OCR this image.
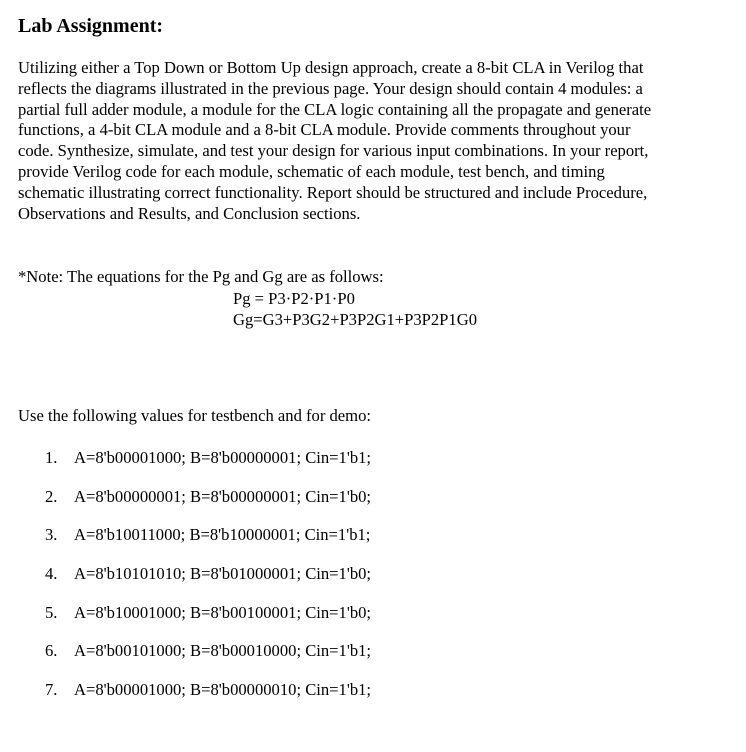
Lab Assignment:

Utilizing either a Top Down or Bottom Up design approach, create a 8-bit CLA in Verilog that
reflects the diagrams illustrated in the previous page. Your design should contain 4 modules: a
partial full adder module, a module for the CLA logic containing all the propagate and generate
functions, a 4-bit CLA module and a 8-bit CLA module. Provide comments throughout your
code. Synthesize, simulate, and test your design for various input combinations. In your report,
provide Verilog code for each module, schematic of each module, test bench, and timing
schematic illustrating correct functionality. Report should be structured and include Procedure,
Observations and Results, and Conclusion sections.

*Note: The equations for the Pg and Gg are as follows:

Pg = P3·P2·P1·P0

Gg=G3+P3G2+P3P2G1+P3P2P1G0

Use the following values for testbench and for demo:

1. A=8'b00001000; B=8'b00000001; Cin=1'b1;
2. A=8'b00000001; B=8'b00000001; Cin=1'b0;
3. A=8'b10011000; B=8'b10000001; Cin=1'b1;
4. A=8'b10101010; B=8'b01000001; Cin=1'b0;
5. A=8'b10001000; B=8'b00100001; Cin=1'b0;
6. A=8'b00101000; B=8'b00010000; Cin=1'b1;
7. A=8'b00001000; B=8'b00000010; Cin=1'b1;
